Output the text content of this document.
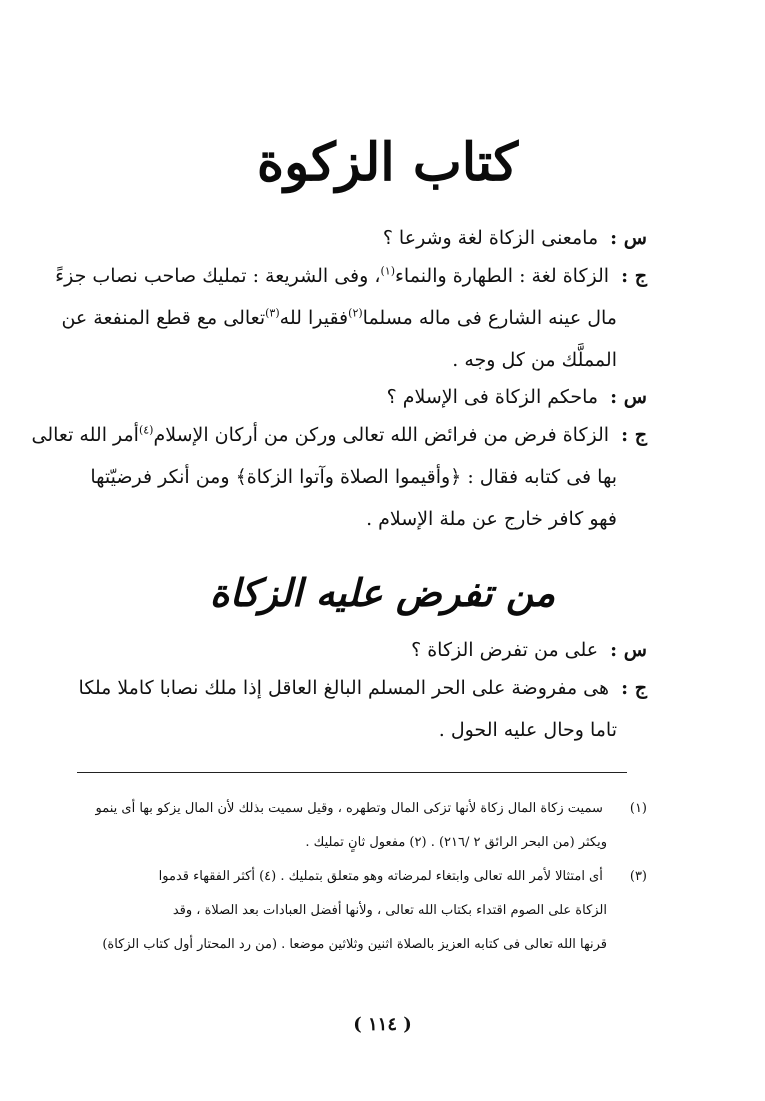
كتاب الزكوة
س : مامعنى الزكاة لغة وشرعا ؟
ج : الزكاة لغة : الطهارة والنماء$^{(١)}$، وفى الشريعة : تمليك صاحب نصاب جزءً
مال عينه الشارع فى ماله مسلما$^{(٢)}$فقيرا لله$^{(٣)}$تعالى مع قطع المنفعة عن
المملَّك من كل وجه .
س : ماحكم الزكاة فى الإسلام ؟
ج : الزكاة فرض من فرائض الله تعالى وركن من أركان الإسلام$^{(٤)}$أمر الله تعالى
بها فى كتابه فقال : ﴿وأقيموا الصلاة وآتوا الزكاة﴾ ومن أنكر فرضيّتها
فهو كافر خارج عن ملة الإسلام .
من تفرض عليه الزكاة
س : على من تفرض الزكاة ؟
ج : هى مفروضة على الحر المسلم البالغ العاقل إذا ملك نصابا كاملا ملكا
تاما وحال عليه الحول .
(١) سميت زكاة المال زكاة لأنها تزكى المال وتطهره ، وقيل سميت بذلك لأن المال يزكو بها أى ينمو
ويكثر (من البحر الرائق ٢ /٢١٦) . (٢) مفعول ثانٍ تمليك .
(٣) أى امتثالا لأمر الله تعالى وابتغاء لمرضاته وهو متعلق بتمليك . (٤) أكثر الفقهاء قدموا
الزكاة على الصوم اقتداء بكتاب الله تعالى ، ولأنها أفضل العبادات بعد الصلاة ، وقد
قرنها الله تعالى فى كتابه العزيز بالصلاة اثنين وثلاثين موضعا . (من رد المحتار أول كتاب الزكاة)
( ١١٤ )
